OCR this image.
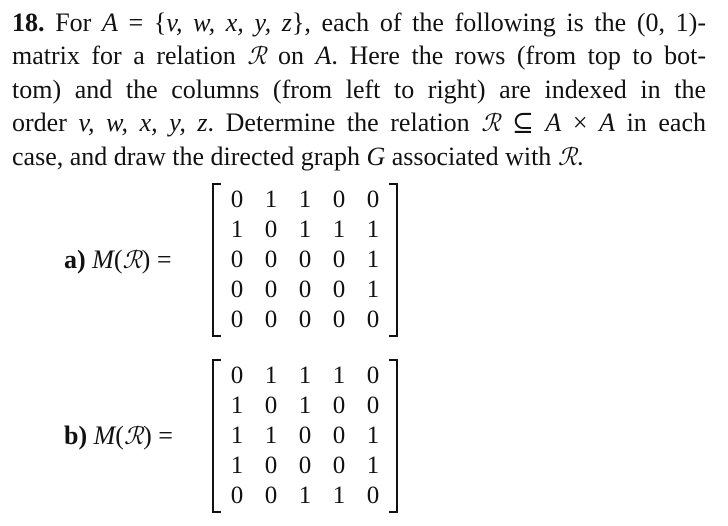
18. For A = {v, w, x, y, z}, each of the following is the (0, 1)-
matrix for a relation ℛ on A. Here the rows (from top to bot-
tom) and the columns (from left to right) are indexed in the
order v, w, x, y, z. Determine the relation ℛ ⊆ A × A in each
case, and draw the directed graph G associated with ℛ.
a) M(ℛ) =
0 1 1 0 0
1 0 1 1 1
0 0 0 0 1
0 0 0 0 1
0 0 0 0 0
b) M(ℛ) =
0 1 1 1 0
1 0 1 0 0
1 1 0 0 1
1 0 0 0 1
0 0 1 1 0
